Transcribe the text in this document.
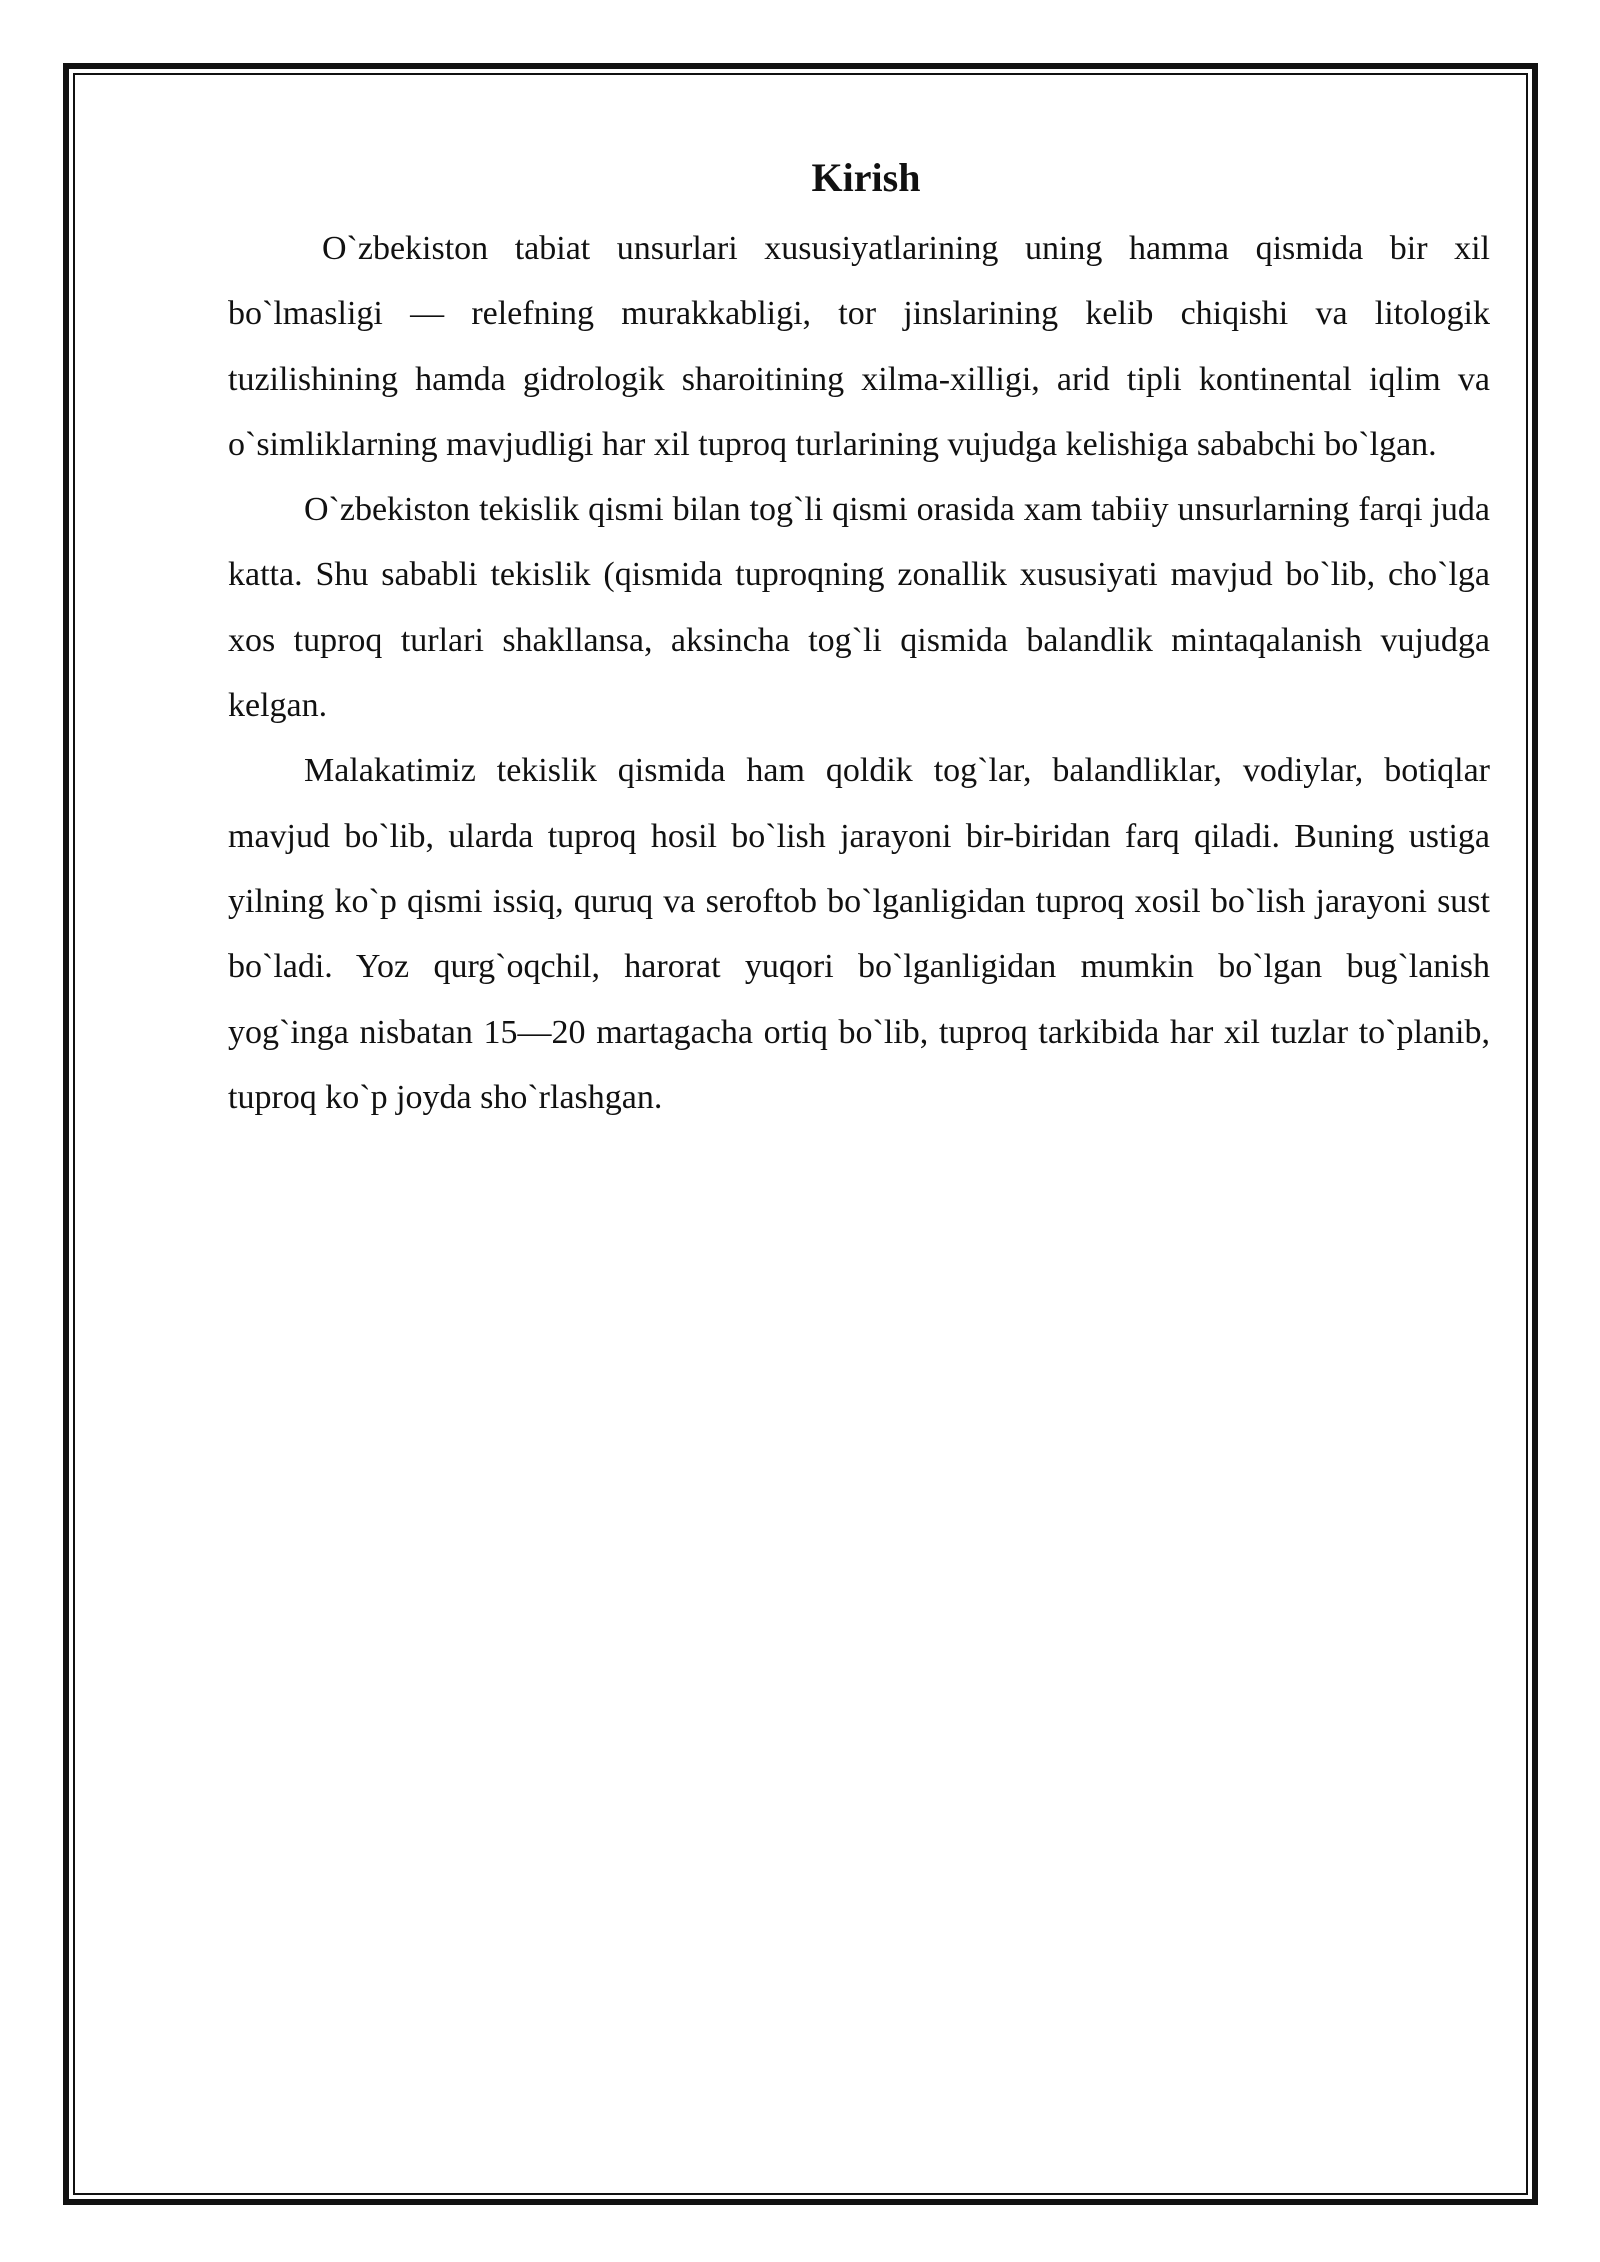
Kirish

O`zbekiston tabiat unsurlari xususiyatlarining uning hamma qismida bir xil bo`lmasligi — relefning murakkabligi, tor jinslarining kelib chiqishi va litologik tuzilishining hamda gidrologik sharoitining xilma-xilligi, arid tipli kontinental iqlim va o`simliklarning mavjudligi har xil tuproq turlarining vujudga kelishiga sababchi bo`lgan.

O`zbekiston tekislik qismi bilan tog`li qismi orasida xam tabiiy unsurlarning farqi juda katta. Shu sababli tekislik (qismida tuproqning zonallik xususiyati mavjud bo`lib, cho`lga xos tuproq turlari shakllansa, aksincha tog`li qismida balandlik mintaqalanish vujudga kelgan.

Malakatimiz tekislik qismida ham qoldik tog`lar, balandliklar, vodiylar, botiqlar mavjud bo`lib, ularda tuproq hosil bo`lish jarayoni bir-biridan farq qiladi. Buning ustiga yilning ko`p qismi issiq, quruq va seroftob bo`lganligidan tuproq xosil bo`lish jarayoni sust bo`ladi. Yoz qurg`oqchil, harorat yuqori bo`lganligidan mumkin bo`lgan bug`lanish yog`inga nisbatan 15—20 martagacha ortiq bo`lib, tuproq tarkibida har xil tuzlar to`planib, tuproq ko`p joyda sho`rlashgan.
